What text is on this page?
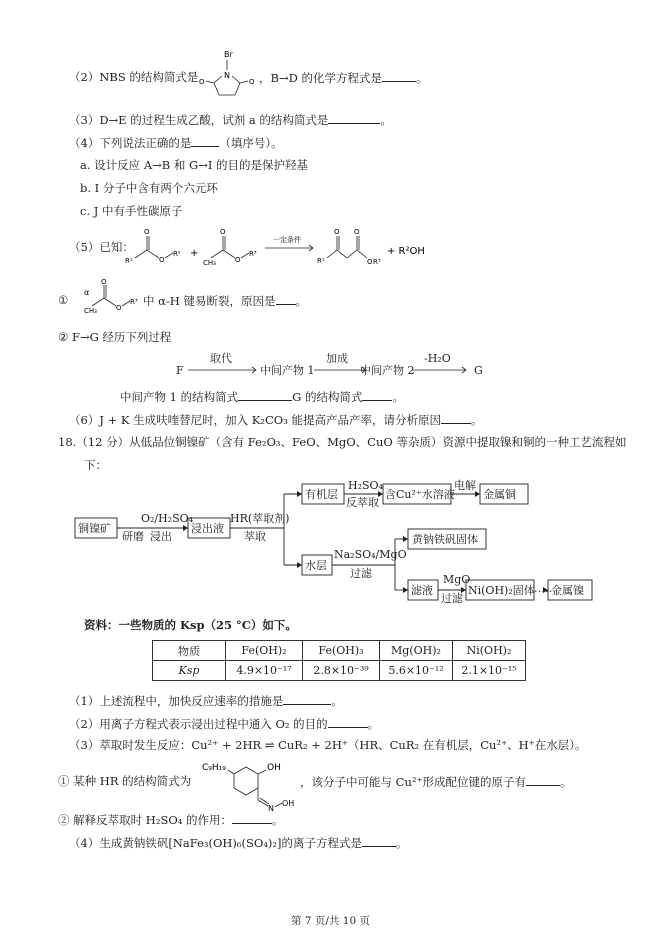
（2）NBS 的结构简式是
Br
N
O	O ，B→D 的化学方程式是	。
（3）D→E 的过程生成乙酸，试剂 a 的结构简式是	。
（4）下列说法正确的是 （填序号）。
a. 设计反应 A→B 和 G→I 的目的是保护羟基
b. I 分子中含有两个六元环
c. J 中有手性碳原子
（5）已知：
R¹
O
O
R² +
CH₃
O
O
R³
一定条件
R¹
O O
O R³
+ R²OH
①
α
CH₃
O
O
R³ 中 α-H 键易断裂，原因是 。
② F→G 经历下列过程
F
取代
中间产物 1
加成
中间产物 2
-H₂O
G
中间产物 1 的结构简式	G 的结构简式	。
（6）J + K 生成呋喹替尼时，加入 K₂CO₃ 能提高产品产率，请分析原因	。
18.（12 分）从低品位铜镍矿（含有 Fe₂O₃、FeO、MgO、CuO 等杂质）资源中提取镍和铜的一种工艺流程如
下：
铜镍矿
研磨
O₂/H₂SO₄
浸出
浸出液
HR(萃取剂)
萃取
有机层
H₂SO₄
反萃取
含Cu²⁺水溶液
电解
金属铜
水层
Na₂SO₄/MgO
过滤
黄钠铁矾固体
滤液
MgO
过滤
Ni(OH)₂固体 ……
金属镍
资料：一些物质的 Ksp（25 °C）如下。
物质	Fe(OH)₂	Fe(OH)₃	Mg(OH)₂	Ni(OH)₂
Ksp	4.9×10⁻¹⁷	2.8×10⁻³⁹	5.6×10⁻¹²	2.1×10⁻¹⁵
（1）上述流程中，加快反应速率的措施是	。
（2）用离子方程式表示浸出过程中通入 O₂ 的目的	。
（3）萃取时发生反应：Cu²⁺ + 2HR ⇌ CuR₂ + 2H⁺（HR、CuR₂ 在有机层，Cu²⁺、H⁺在水层）。
① 某种 HR 的结构简式为
C₉H₁₉	OH
N
OH
，该分子中可能与 Cu²⁺形成配位键的原子有	。
② 解释反萃取时 H₂SO₄ 的作用：	。
（4）生成黄钠铁矾[NaFe₃(OH)₆(SO₄)₂]的离子方程式是	。
第 7 页/共 10 页
